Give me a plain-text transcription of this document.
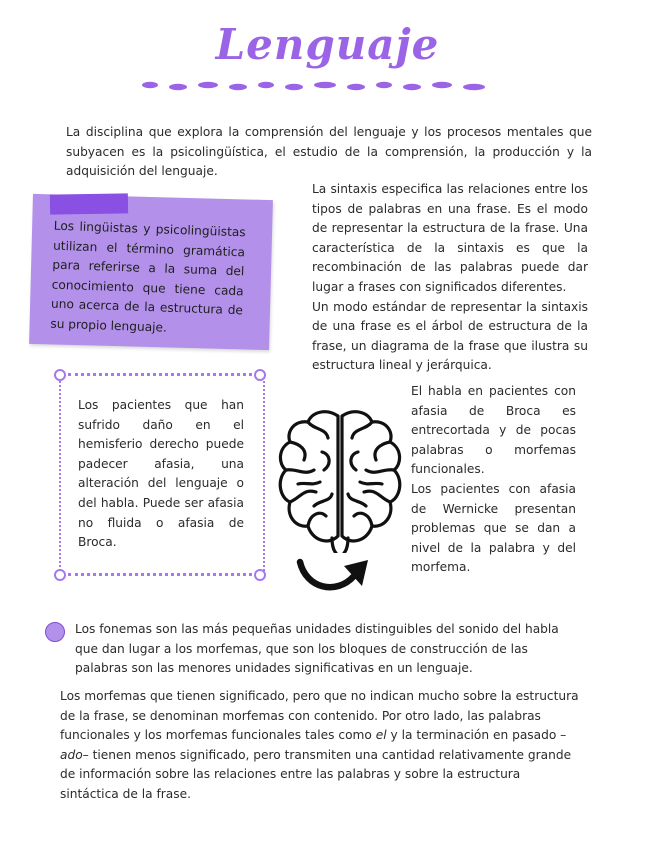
Lenguaje

La disciplina que explora la comprensión del lenguaje y los procesos mentales que subyacen es la psicolingüística, el estudio de la comprensión, la producción y la adquisición del lenguaje.

Los lingüistas y psicolingüistas utilizan el término gramática para referirse a la suma del conocimiento que tiene cada uno acerca de la estructura de su propio lenguaje.

La sintaxis especifica las relaciones entre los tipos de palabras en una frase. Es el modo de representar la estructura de la frase. Una característica de la sintaxis es que la recombinación de las palabras puede dar lugar a frases con significados diferentes.
Un modo estándar de representar la sintaxis de una frase es el árbol de estructura de la frase, un diagrama de la frase que ilustra su estructura lineal y jerárquica.

Los pacientes que han sufrido daño en el hemisferio derecho puede padecer afasia, una alteración del lenguaje o del habla. Puede ser afasia no fluida o afasia de Broca.

El habla en pacientes con afasia de Broca es entrecortada y de pocas palabras o morfemas funcionales.
Los pacientes con afasia de Wernicke presentan problemas que se dan a nivel de la palabra y del morfema.

Los fonemas son las más pequeñas unidades distinguibles del sonido del habla que dan lugar a los morfemas, que son los bloques de construcción de las palabras son las menores unidades significativas en un lenguaje.

Los morfemas que tienen significado, pero que no indican mucho sobre la estructura de la frase, se denominan morfemas con contenido. Por otro lado, las palabras funcionales y los morfemas funcionales tales como el y la terminación en pasado –ado– tienen menos significado, pero transmiten una cantidad relativamente grande de información sobre las relaciones entre las palabras y sobre la estructura sintáctica de la frase.
